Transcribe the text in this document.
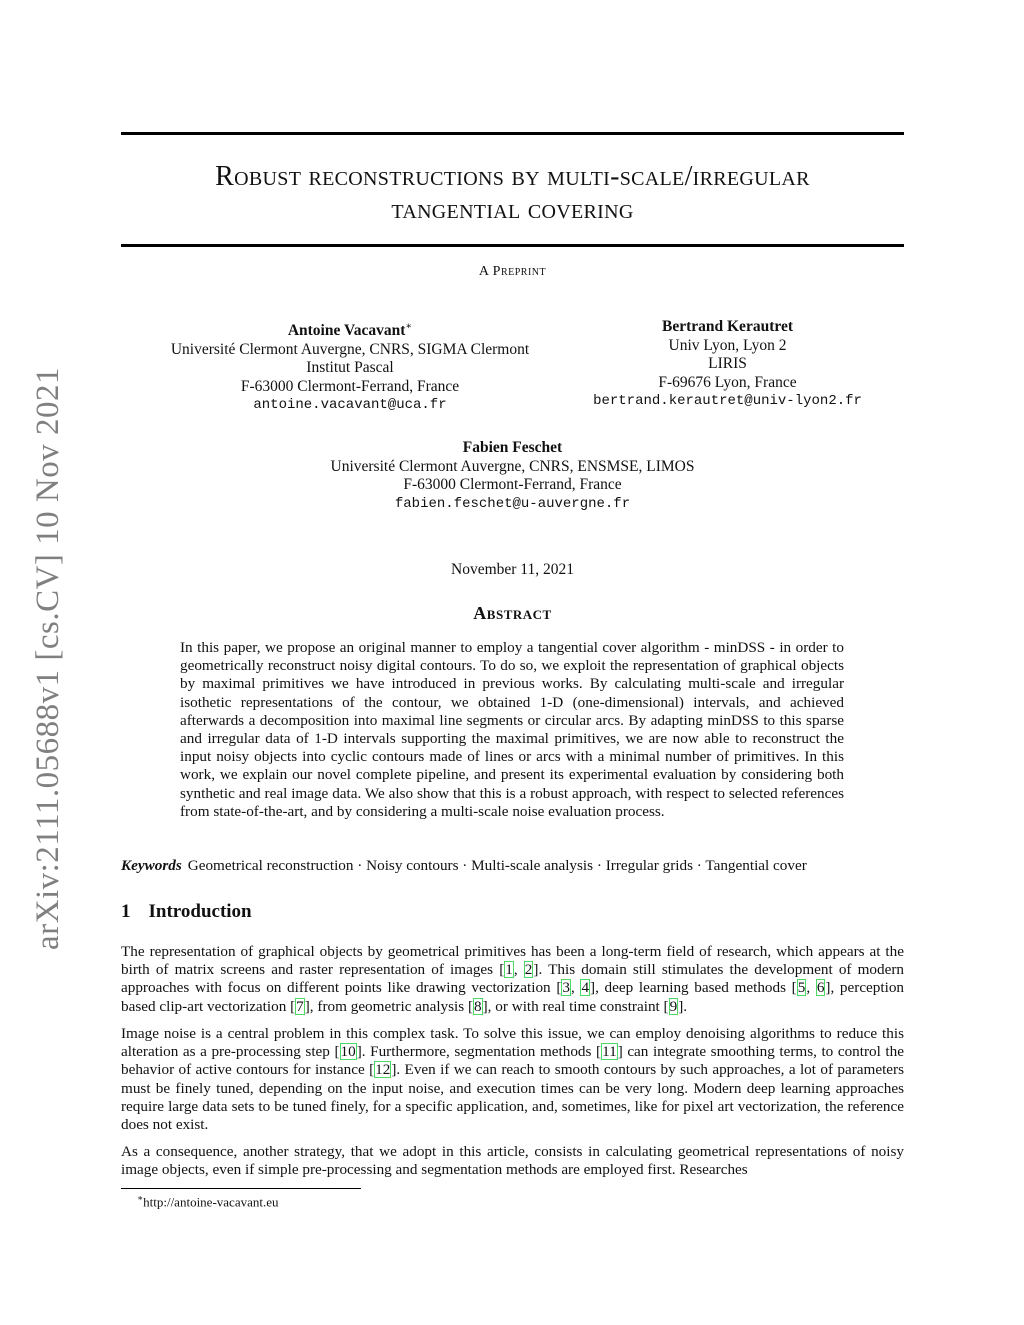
arXiv:2111.05688v1 [cs.CV] 10 Nov 2021
Robust reconstructions by multi-scale/irregular
tangential covering
A Preprint
Antoine Vacavant∗
Université Clermont Auvergne, CNRS, SIGMA Clermont
Institut Pascal
F-63000 Clermont-Ferrand, France
antoine.vacavant@uca.fr
Bertrand Kerautret
Univ Lyon, Lyon 2
LIRIS
F-69676 Lyon, France
bertrand.kerautret@univ-lyon2.fr
Fabien Feschet
Université Clermont Auvergne, CNRS, ENSMSE, LIMOS
F-63000 Clermont-Ferrand, France
fabien.feschet@u-auvergne.fr
November 11, 2021
Abstract
In this paper, we propose an original manner to employ a tangential cover algorithm - minDSS - in order to geometrically reconstruct noisy digital contours. To do so, we exploit the representation of graphical objects by maximal primitives we have introduced in previous works. By calculating multi-scale and irregular isothetic representations of the contour, we obtained 1-D (one-dimensional) intervals, and achieved afterwards a decomposition into maximal line segments or circular arcs. By adapting minDSS to this sparse and irregular data of 1-D intervals supporting the maximal primitives, we are now able to reconstruct the input noisy objects into cyclic contours made of lines or arcs with a minimal number of primitives. In this work, we explain our novel complete pipeline, and present its experimental evaluation by considering both synthetic and real image data. We also show that this is a robust approach, with respect to selected references from state-of-the-art, and by considering a multi-scale noise evaluation process.
Keywords Geometrical reconstruction · Noisy contours · Multi-scale analysis · Irregular grids · Tangential cover
1 Introduction
The representation of graphical objects by geometrical primitives has been a long-term field of research, which appears at the birth of matrix screens and raster representation of images [1, 2]. This domain still stimulates the development of modern approaches with focus on different points like drawing vectorization [3, 4], deep learning based methods [5, 6], perception based clip-art vectorization [7], from geometric analysis [8], or with real time constraint [9].
Image noise is a central problem in this complex task. To solve this issue, we can employ denoising algorithms to reduce this alteration as a pre-processing step [10]. Furthermore, segmentation methods [11] can integrate smoothing terms, to control the behavior of active contours for instance [12]. Even if we can reach to smooth contours by such approaches, a lot of parameters must be finely tuned, depending on the input noise, and execution times can be very long. Modern deep learning approaches require large data sets to be tuned finely, for a specific application, and, sometimes, like for pixel art vectorization, the reference does not exist.
As a consequence, another strategy, that we adopt in this article, consists in calculating geometrical representations of noisy image objects, even if simple pre-processing and segmentation methods are employed first. Researches
∗http://antoine-vacavant.eu
